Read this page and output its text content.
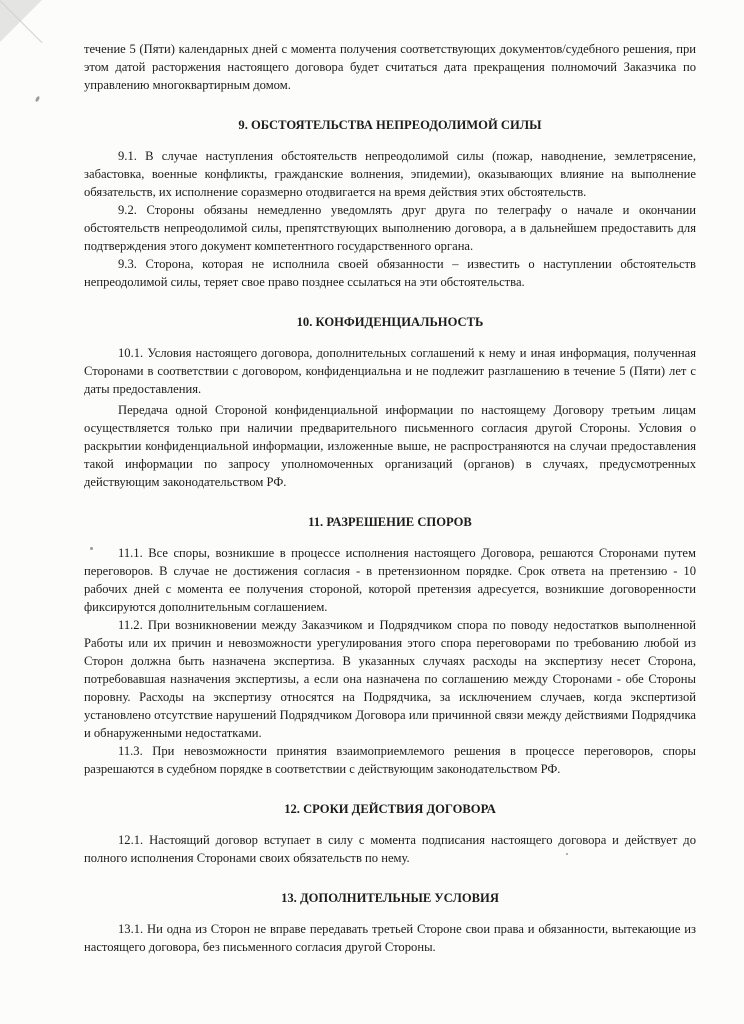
течение 5 (Пяти) календарных дней с момента получения соответствующих документов/судебного решения, при этом датой расторжения настоящего договора будет считаться дата прекращения полномочий Заказчика по управлению многоквартирным домом.

9. ОБСТОЯТЕЛЬСТВА НЕПРЕОДОЛИМОЙ СИЛЫ

9.1. В случае наступления обстоятельств непреодолимой силы (пожар, наводнение, землетрясение, забастовка, военные конфликты, гражданские волнения, эпидемии), оказывающих влияние на выполнение обязательств, их исполнение соразмерно отодвигается на время действия этих обстоятельств.

9.2. Стороны обязаны немедленно уведомлять друг друга по телеграфу о начале и окончании обстоятельств непреодолимой силы, препятствующих выполнению договора, а в дальнейшем предоставить для подтверждения этого документ компетентного государственного органа.

9.3. Сторона, которая не исполнила своей обязанности – известить о наступлении обстоятельств непреодолимой силы, теряет свое право позднее ссылаться на эти обстоятельства.

10. КОНФИДЕНЦИАЛЬНОСТЬ

10.1. Условия настоящего договора, дополнительных соглашений к нему и иная информация, полученная Сторонами в соответствии с договором, конфиденциальна и не подлежит разглашению в течение 5 (Пяти) лет с даты предоставления.

Передача одной Стороной конфиденциальной информации по настоящему Договору третьим лицам осуществляется только при наличии предварительного письменного согласия другой Стороны. Условия о раскрытии конфиденциальной информации, изложенные выше, не распространяются на случаи предоставления такой информации по запросу уполномоченных организаций (органов) в случаях, предусмотренных действующим законодательством РФ.

11. РАЗРЕШЕНИЕ СПОРОВ

11.1. Все споры, возникшие в процессе исполнения настоящего Договора, решаются Сторонами путем переговоров. В случае не достижения согласия - в претензионном порядке. Срок ответа на претензию - 10 рабочих дней с момента ее получения стороной, которой претензия адресуется, возникшие договоренности фиксируются дополнительным соглашением.

11.2. При возникновении между Заказчиком и Подрядчиком спора по поводу недостатков выполненной Работы или их причин и невозможности урегулирования этого спора переговорами по требованию любой из Сторон должна быть назначена экспертиза. В указанных случаях расходы на экспертизу несет Сторона, потребовавшая назначения экспертизы, а если она назначена по соглашению между Сторонами - обе Стороны поровну. Расходы на экспертизу относятся на Подрядчика, за исключением случаев, когда экспертизой установлено отсутствие нарушений Подрядчиком Договора или причинной связи между действиями Подрядчика и обнаруженными недостатками.

11.3. При невозможности принятия взаимоприемлемого решения в процессе переговоров, споры разрешаются в судебном порядке в соответствии с действующим законодательством РФ.

12. СРОКИ ДЕЙСТВИЯ ДОГОВОРА

12.1. Настоящий договор вступает в силу с момента подписания настоящего договора и действует до полного исполнения Сторонами своих обязательств по нему.

13. ДОПОЛНИТЕЛЬНЫЕ УСЛОВИЯ

13.1. Ни одна из Сторон не вправе передавать третьей Стороне свои права и обязанности, вытекающие из настоящего договора, без письменного согласия другой Стороны.
